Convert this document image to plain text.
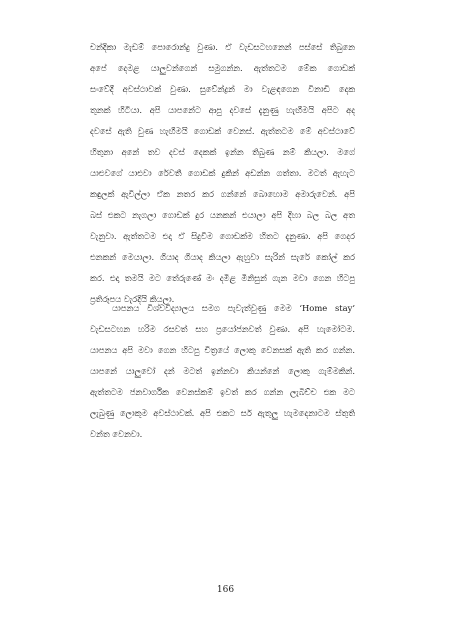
චන්දිකා මැඩම් පොරොන්දු වුණා. ඒ වැඩසටහනෙන් පස්සේ තිබුනෙ
අපේ දෙමළ යාලුවන්ගෙන් සමුගන්න. ඇත්තටම මේක ගොඩක්
සංවේදී අවස්ථාවක් වුණා. සුවේන්ද්‍රන් මා වැළඳගෙන විනාඩි දෙක
තුනක් හිටියා. අපි යාපනේට ආපු දවසේ දැනුණු හැඟීමයි අපිට අද
දවසේ ඇති වුණ හැඟීමයි ගොඩක් වෙනස්. ඇත්තටම මේ අවස්ථාවේ
හිතුනා අනේ තව දවස් දෙකක් ඉන්න තිබුණ නම් කියලා. මගේ
යාළුවගේ යාළුවා රේවතී ගොඩක් දුකින් අඩන්න ගත්තා. මටත් ඇහැට
කඳුලක් ඇවිල්ලා ඒක නතර කර ගන්නේ බොහොම අමාරුවෙන්. අපි
බස් එකට නැගලා ගොඩක් දුර යනකන් එයාලා අපි දිහා බල බල අත
වැනුවා. ඇත්තටම එදා ඒ සිදුවීම ගොඩක්ම හිතට දැනුණා. අපි ගෙදර
එනකන් මෙයාලා. ගියාද ගියාද කියලා ඇහුවා සැරින් සැරේ කෝල් කර
කර. එදා තමයි මට තේරුණේ මං දමිළ මිනිසුන් ගැන මවා ගෙන හිටපු
ප්‍රතිරූපය වැරදියි කියලා.
යාපනය විශ්වවිද්‍යාලය සමග පැවැත්වුණු මෙම ‘Home stay’
වැඩසටහන හරිම රසවත් සහ ප්‍රයෝජනවත් වුණා. අපි හැමෝටම.
යාපනය අපි මවා ගෙන හිටපු චිත්‍රයේ ලොකු වෙනසක් ඇති කර ගන්න.
යාපනේ යාලුවෝ දන් මටත් ඉන්නවා කියන්නේ ලොකු ගැම්මකින්.
ඇත්තටම ජනවාර්ගික වෙනස්කම් ඉවත් කර ගන්න ලැබිච්ච එක මට
ලැබුණු ලොකුම අවස්ථාවක්. අපි එකට සර් ඇතුලු හැමදෙනාටම ස්තුති
වන්ත වෙනවා.
166
